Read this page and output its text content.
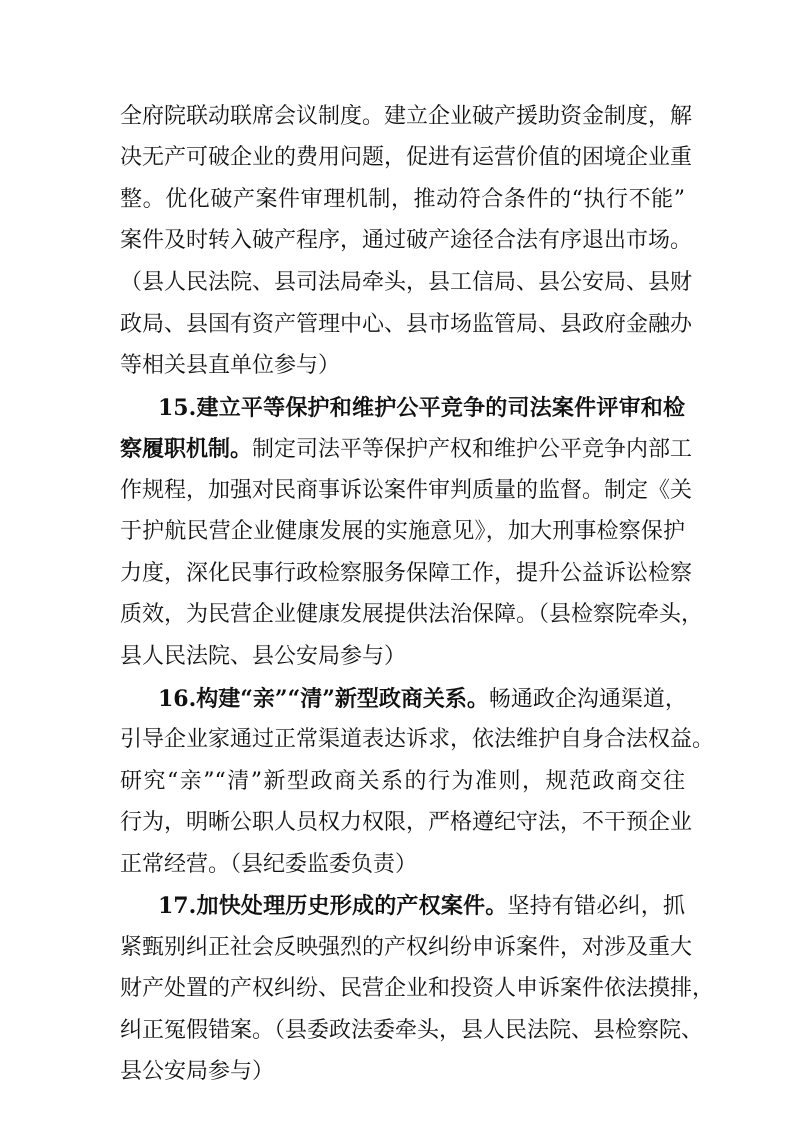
全府院联动联席会议制度。建立企业破产援助资金制度，解
决无产可破企业的费用问题，促进有运营价值的困境企业重
整。优化破产案件审理机制，推动符合条件的“执行不能”
案件及时转入破产程序，通过破产途径合法有序退出市场。
（县人民法院、县司法局牵头，县工信局、县公安局、县财
政局、县国有资产管理中心、县市场监管局、县政府金融办
等相关县直单位参与）
15.建立平等保护和维护公平竞争的司法案件评审和检
察履职机制。制定司法平等保护产权和维护公平竞争内部工
作规程，加强对民商事诉讼案件审判质量的监督。制定《关
于护航民营企业健康发展的实施意见》，加大刑事检察保护
力度，深化民事行政检察服务保障工作，提升公益诉讼检察
质效，为民营企业健康发展提供法治保障。（县检察院牵头，
县人民法院、县公安局参与）
16.构建“亲”“清”新型政商关系。畅通政企沟通渠道，
引导企业家通过正常渠道表达诉求，依法维护自身合法权益。
研究“亲”“清”新型政商关系的行为准则，规范政商交往
行为，明晰公职人员权力权限，严格遵纪守法，不干预企业
正常经营。（县纪委监委负责）
17.加快处理历史形成的产权案件。坚持有错必纠，抓
紧甄别纠正社会反映强烈的产权纠纷申诉案件，对涉及重大
财产处置的产权纠纷、民营企业和投资人申诉案件依法摸排，
纠正冤假错案。（县委政法委牵头，县人民法院、县检察院、
县公安局参与）
